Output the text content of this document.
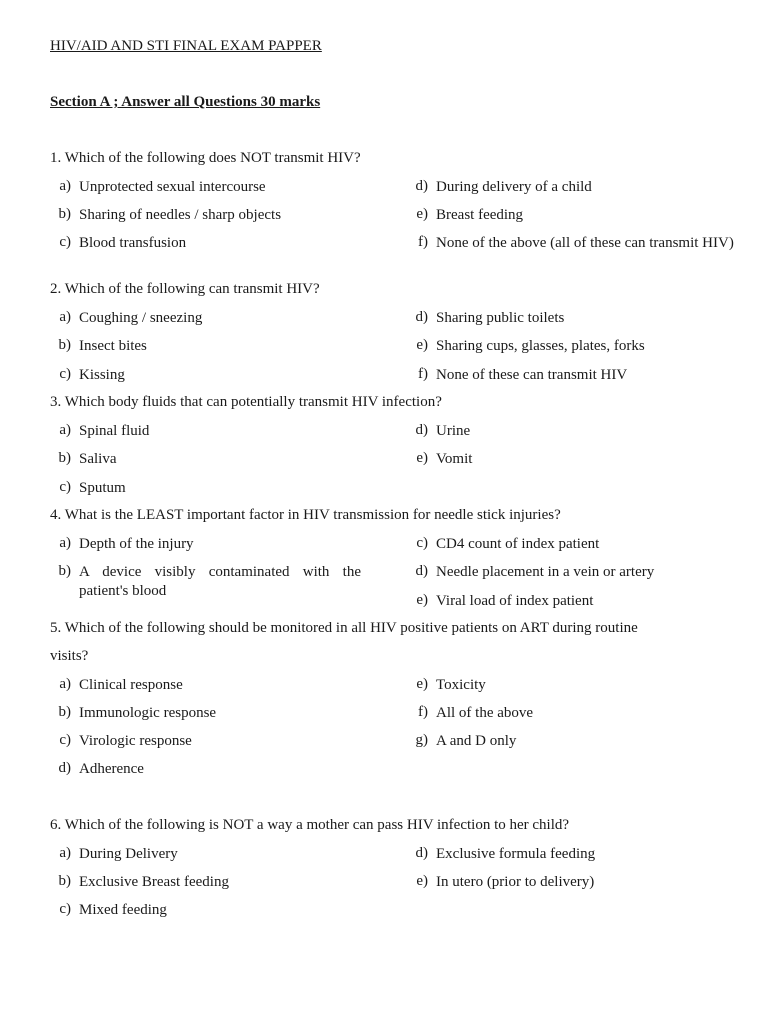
HIV/AID AND STI FINAL EXAM PAPPER
Section A ; Answer all Questions 30 marks
1. Which of the following does NOT transmit HIV?
a) Unprotected sexual intercourse
b) Sharing of needles / sharp objects
c) Blood transfusion
d) During delivery of a child
e) Breast feeding
f) None of the above (all of these can transmit HIV)
2. Which of the following can transmit HIV?
a) Coughing / sneezing
b) Insect bites
c) Kissing
d) Sharing public toilets
e) Sharing cups, glasses, plates, forks
f) None of these can transmit HIV
3. Which body fluids that can potentially transmit HIV infection?
a) Spinal fluid
b) Saliva
c) Sputum
d) Urine
e) Vomit
4. What is the LEAST important factor in HIV transmission for needle stick injuries?
a) Depth of the injury
b) A device visibly contaminated with the patient's blood
c) CD4 count of index patient
d) Needle placement in a vein or artery
e) Viral load of index patient
5. Which of the following should be monitored in all HIV positive patients on ART during routine
visits?
a) Clinical response
b) Immunologic response
c) Virologic response
d) Adherence
e) Toxicity
f) All of the above
g) A and D only
6. Which of the following is NOT a way a mother can pass HIV infection to her child?
a) During Delivery
b) Exclusive Breast feeding
c) Mixed feeding
d) Exclusive formula feeding
e) In utero (prior to delivery)
